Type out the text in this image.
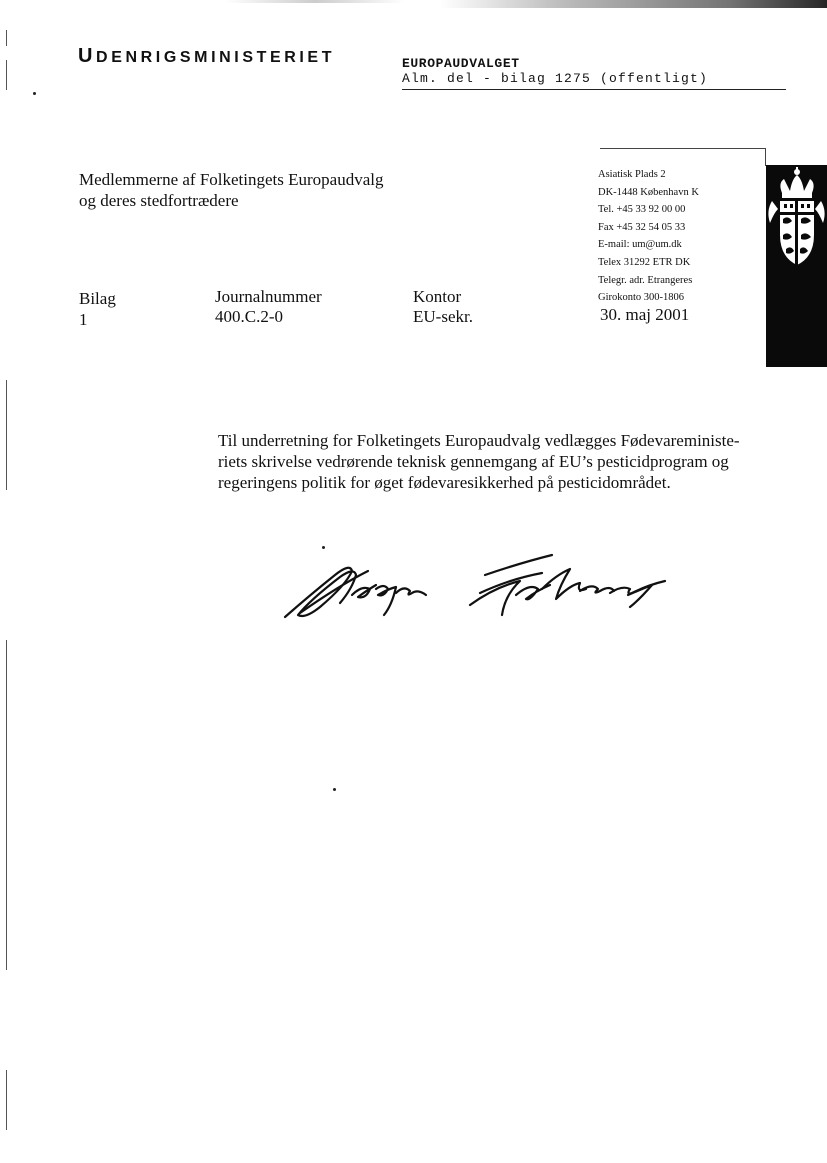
UDENRIGSMINISTERIET	EUROPAUDVALGET
Alm. del - bilag 1275 (offentligt)
Medlemmerne af Folketingets Europaudvalg
og deres stedfortrædere
Asiatisk Plads 2
DK-1448 København K
Tel. +45 33 92 00 00
Fax +45 32 54 05 33
E-mail: um@um.dk
Telex 31292 ETR DK
Telegr. adr. Etrangeres
Girokonto 300-1806
Bilag
1
Journalnummer
400.C.2-0
Kontor
EU-sekr.	30. maj 2001
Til underretning for Folketingets Europaudvalg vedlægges Fødevareministe-
riets skrivelse vedrørende teknisk gennemgang af EU’s pesticidprogram og
regeringens politik for øget fødevaresikkerhed på pesticidområdet.
